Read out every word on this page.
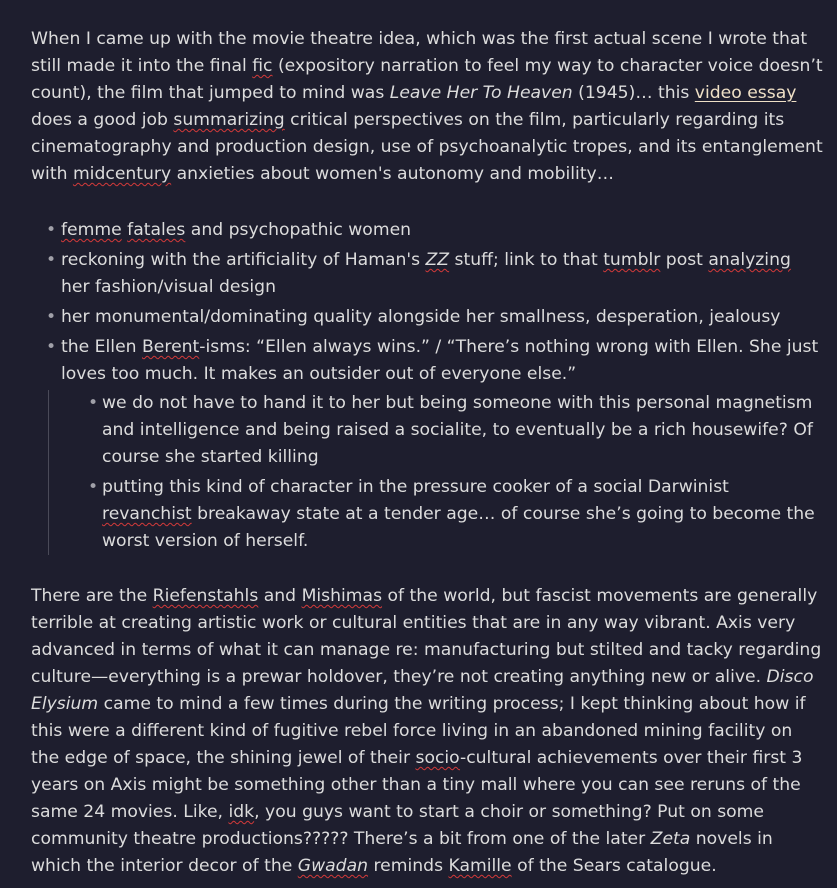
When I came up with the movie theatre idea, which was the first actual scene I wrote that still made it into the final fic (expository narration to feel my way to character voice doesn’t count), the film that jumped to mind was Leave Her To Heaven (1945)… this video essay does a good job summarizing critical perspectives on the film, particularly regarding its cinematography and production design, use of psychoanalytic tropes, and its entanglement with midcentury anxieties about women's autonomy and mobility…

• femme fatales and psychopathic women
• reckoning with the artificiality of Haman's ZZ stuff; link to that tumblr post analyzing her fashion/visual design
• her monumental/dominating quality alongside her smallness, desperation, jealousy
• the Ellen Berent-isms: “Ellen always wins.” / “There’s nothing wrong with Ellen. She just loves too much. It makes an outsider out of everyone else.”
• we do not have to hand it to her but being someone with this personal magnetism and intelligence and being raised a socialite, to eventually be a rich housewife? Of course she started killing
• putting this kind of character in the pressure cooker of a social Darwinist revanchist breakaway state at a tender age… of course she’s going to become the worst version of herself.

There are the Riefenstahls and Mishimas of the world, but fascist movements are generally terrible at creating artistic work or cultural entities that are in any way vibrant. Axis very advanced in terms of what it can manage re: manufacturing but stilted and tacky regarding culture—everything is a prewar holdover, they’re not creating anything new or alive. Disco Elysium came to mind a few times during the writing process; I kept thinking about how if this were a different kind of fugitive rebel force living in an abandoned mining facility on the edge of space, the shining jewel of their socio-cultural achievements over their first 3 years on Axis might be something other than a tiny mall where you can see reruns of the same 24 movies. Like, idk, you guys want to start a choir or something? Put on some community theatre productions????? There’s a bit from one of the later Zeta novels in which the interior decor of the Gwadan reminds Kamille of the Sears catalogue.
